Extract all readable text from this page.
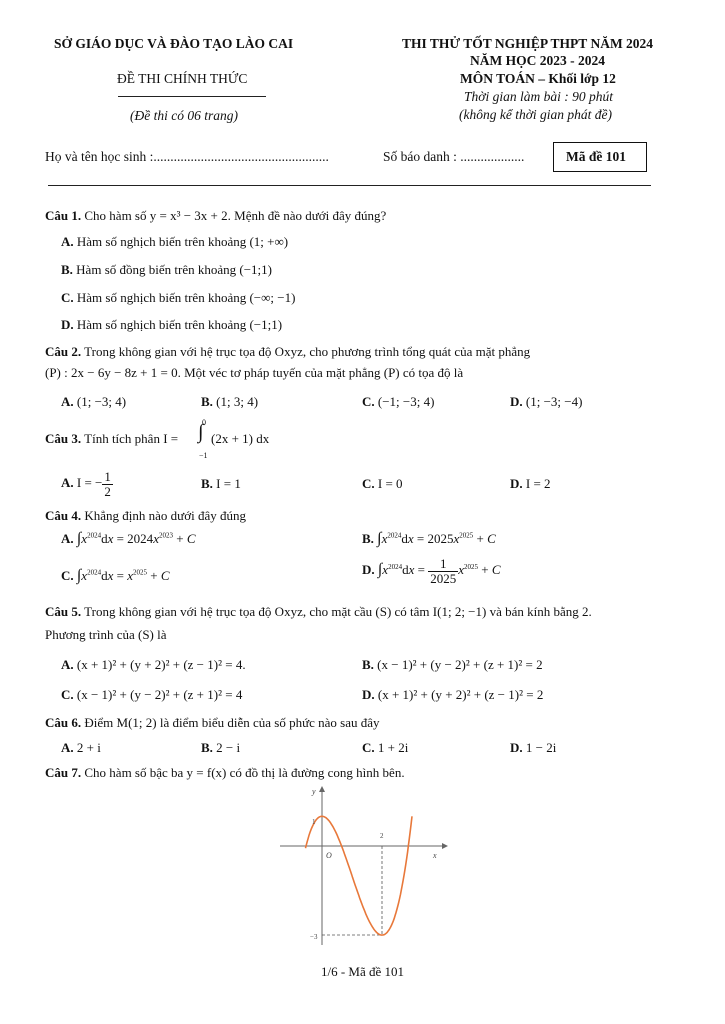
SỞ GIÁO DỤC VÀ ĐÀO TẠO LÀO CAI
ĐỀ THI CHÍNH THỨC
(Đề thi có 06 trang)
THI THỬ TỐT NGHIỆP THPT NĂM 2024
NĂM HỌC 2023 - 2024
MÔN TOÁN – Khối lớp 12
Thời gian làm bài : 90 phút
(không kể thời gian phát đề)
Họ và tên học sinh :....................................................	Số báo danh : ...................	Mã đề 101
Câu 1. Cho hàm số y = x³ − 3x + 2. Mệnh đề nào dưới đây đúng?
A. Hàm số nghịch biến trên khoảng (1; +∞)
B. Hàm số đồng biến trên khoảng (−1;1)
C. Hàm số nghịch biến trên khoảng (−∞; −1)
D. Hàm số nghịch biến trên khoảng (−1;1)
Câu 2. Trong không gian với hệ trục tọa độ Oxyz, cho phương trình tổng quát của mặt phẳng
(P) : 2x − 6y − 8z + 1 = 0. Một véc tơ pháp tuyến của mặt phẳng (P) có tọa độ là
A. (1; −3; 4)	B. (1; 3; 4)	C. (−1; −3; 4)	D. (1; −3; −4)
Câu 3. Tính tích phân I = ∫
0
−1
(2x + 1) dx
A. I = − $\frac{1}{2}$	B. I = 1	C. I = 0	D. I = 2
Câu 4. Khẳng định nào dưới đây đúng
A. $\int x^{2024}dx = 2024x^{2023} + C$	B. $\int x^{2024}dx = 2025x^{2025} + C$
C. $\int x^{2024}dx = x^{2025} + C$	D. $\int x^{2024}dx = \frac{1}{2025} x^{2025} + C$
Câu 5. Trong không gian với hệ trục tọa độ Oxyz, cho mặt cầu (S) có tâm I(1; 2; −1) và bán kính bằng 2.
Phương trình của (S) là
A. (x + 1)² + (y + 2)² + (z − 1)² = 4.	B. (x − 1)² + (y − 2)² + (z + 1)² = 2
C. (x − 1)² + (y − 2)² + (z + 1)² = 4	D. (x + 1)² + (y + 2)² + (z − 1)² = 2
Câu 6. Điểm M(1; 2) là điểm biểu diễn của số phức nào sau đây
A. 2 + i	B. 2 − i	C. 1 + 2i	D. 1 − 2i
Câu 7. Cho hàm số bậc ba y = f(x) có đồ thị là đường cong hình bên.
y
x
O
1
−3
2
1/6 - Mã đề 101
